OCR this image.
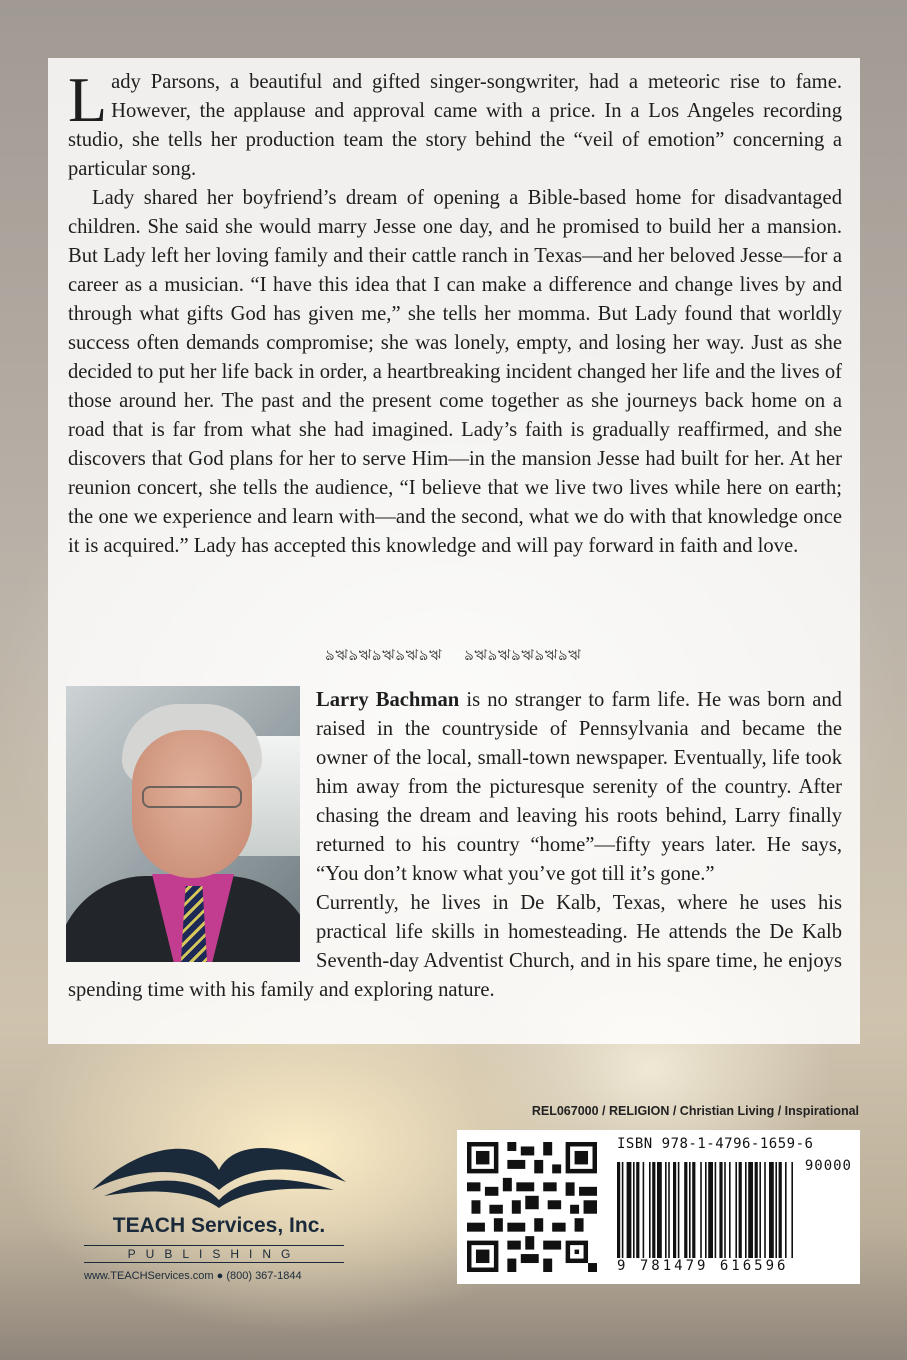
Lady Parsons, a beautiful and gifted singer-songwriter, had a meteoric rise to fame. However, the applause and approval came with a price. In a Los Angeles recording studio, she tells her production team the story behind the “veil of emotion” concerning a particular song.

Lady shared her boyfriend’s dream of opening a Bible-based home for disadvantaged children. She said she would marry Jesse one day, and he promised to build her a mansion. But Lady left her loving family and their cattle ranch in Texas—and her beloved Jesse—for a career as a musician. “I have this idea that I can make a difference and change lives by and through what gifts God has given me,” she tells her momma. But Lady found that worldly success often demands compromise; she was lonely, empty, and losing her way. Just as she decided to put her life back in order, a heartbreaking incident changed her life and the lives of those around her. The past and the present come together as she journeys back home on a road that is far from what she had imagined. Lady’s faith is gradually reaffirmed, and she discovers that God plans for her to serve Him—in the mansion Jesse had built for her. At her reunion concert, she tells the audience, “I believe that we live two lives while here on earth; the one we experience and learn with—and the second, what we do with that knowledge once it is acquired.” Lady has accepted this knowledge and will pay forward in faith and love.

ঌঋঌঋঌঋঌঋঌঋ ঌঋঌঋঌঋঌঋঌঋ

Larry Bachman is no stranger to farm life. He was born and raised in the countryside of Pennsylvania and became the owner of the local, small-town newspaper. Eventually, life took him away from the picturesque serenity of the country. After chasing the dream and leaving his roots behind, Larry finally returned to his country “home”—fifty years later. He says, “You don’t know what you’ve got till it’s gone.”

Currently, he lives in De Kalb, Texas, where he uses his practical life skills in homesteading. He attends the De Kalb Seventh-day Adventist Church, and in his spare time, he enjoys spending time with his family and exploring nature.

REL067000 / RELIGION / Christian Living / Inspirational
ISBN 978-1-4796-1659-6
90000
9 781479 616596
TEACH Services, Inc.
PUBLISHING
www.TEACHServices.com ● (800) 367-1844
